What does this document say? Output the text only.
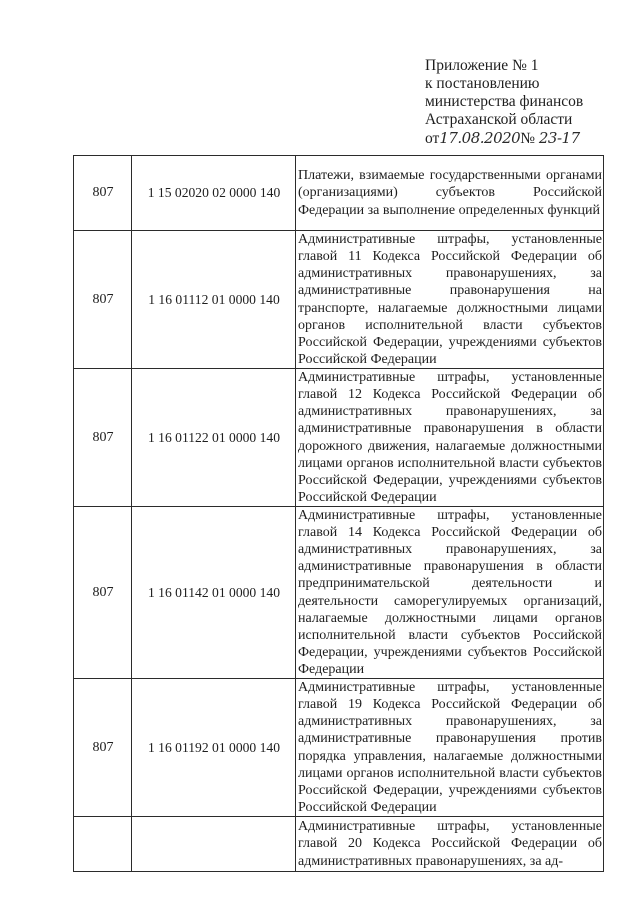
Приложение № 1
к постановлению
министерства финансов
Астраханской области
от17.08.2020№ 23-17
807	1 15 02020 02 0000 140	Платежи, взимаемые государственными органами (организациями) субъектов Российской Федерации за выполнение определенных функций
807	1 16 01112 01 0000 140	Административные штрафы, установленные главой 11 Кодекса Российской Федерации об административных правонарушениях, за административные правонарушения на транспорте, налагаемые должностными лицами органов исполнительной власти субъектов Российской Федерации, учреждениями субъектов Российской Федерации
807	1 16 01122 01 0000 140	Административные штрафы, установленные главой 12 Кодекса Российской Федерации об административных правонарушениях, за административные правонарушения в области дорожного движения, налагаемые должностными лицами органов исполнительной власти субъектов Российской Федерации, учреждениями субъектов Российской Федерации
807	1 16 01142 01 0000 140	Административные штрафы, установленные главой 14 Кодекса Российской Федерации об административных правонарушениях, за административные правонарушения в области предпринимательской деятельности и деятельности саморегулируемых организаций, налагаемые должностными лицами органов исполнительной власти субъектов Российской Федерации, учреждениями субъектов Российской Федерации
807	1 16 01192 01 0000 140	Административные штрафы, установленные главой 19 Кодекса Российской Федерации об административных правонарушениях, за административные правонарушения против порядка управления, налагаемые должностными лицами органов исполнительной власти субъектов Российской Федерации, учреждениями субъектов Российской Федерации
		Административные штрафы, установленные главой 20 Кодекса Российской Федерации об административных правонарушениях, за ад-
